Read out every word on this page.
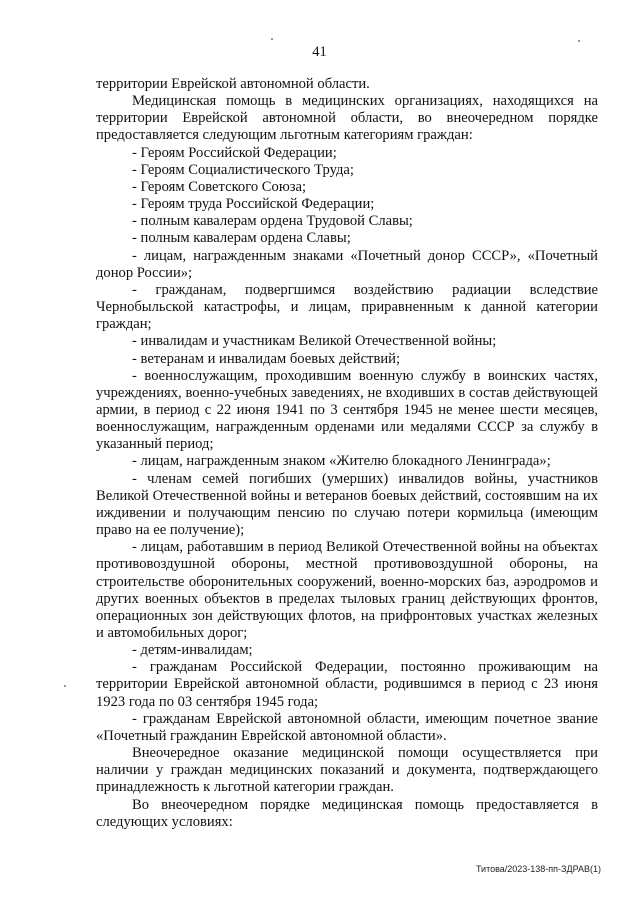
41

территории Еврейской автономной области.

Медицинская помощь в медицинских организациях, находящихся на территории Еврейской автономной области, во внеочередном порядке предоставляется следующим льготным категориям граждан:

- Героям Российской Федерации;

- Героям Социалистического Труда;

- Героям Советского Союза;

- Героям труда Российской Федерации;

- полным кавалерам ордена Трудовой Славы;

- полным кавалерам ордена Славы;

- лицам, награжденным знаками «Почетный донор СССР», «Почетный донор России»;

- гражданам, подвергшимся воздействию радиации вследствие Чернобыльской катастрофы, и лицам, приравненным к данной категории граждан;

- инвалидам и участникам Великой Отечественной войны;

- ветеранам и инвалидам боевых действий;

- военнослужащим, проходившим военную службу в воинских частях, учреждениях, военно-учебных заведениях, не входивших в состав действующей армии, в период с 22 июня 1941 по 3 сентября 1945 не менее шести месяцев, военнослужащим, награжденным орденами или медалями СССР за службу в указанный период;

- лицам, награжденным знаком «Жителю блокадного Ленинграда»;

- членам семей погибших (умерших) инвалидов войны, участников Великой Отечественной войны и ветеранов боевых действий, состоявшим на их иждивении и получающим пенсию по случаю потери кормильца (имеющим право на ее получение);

- лицам, работавшим в период Великой Отечественной войны на объектах противовоздушной обороны, местной противовоздушной обороны, на строительстве оборонительных сооружений, военно-морских баз, аэродромов и других военных объектов в пределах тыловых границ действующих фронтов, операционных зон действующих флотов, на прифронтовых участках железных и автомобильных дорог;

- детям-инвалидам;

- гражданам Российской Федерации, постоянно проживающим на территории Еврейской автономной области, родившимся в период с 23 июня 1923 года по 03 сентября 1945 года;

- гражданам Еврейской автономной области, имеющим почетное звание «Почетный гражданин Еврейской автономной области».

Внеочередное оказание медицинской помощи осуществляется при наличии у граждан медицинских показаний и документа, подтверждающего принадлежность к льготной категории граждан.

Во внеочередном порядке медицинская помощь предоставляется в следующих условиях:

Титова/2023-138-пп-ЗДРАВ(1)
